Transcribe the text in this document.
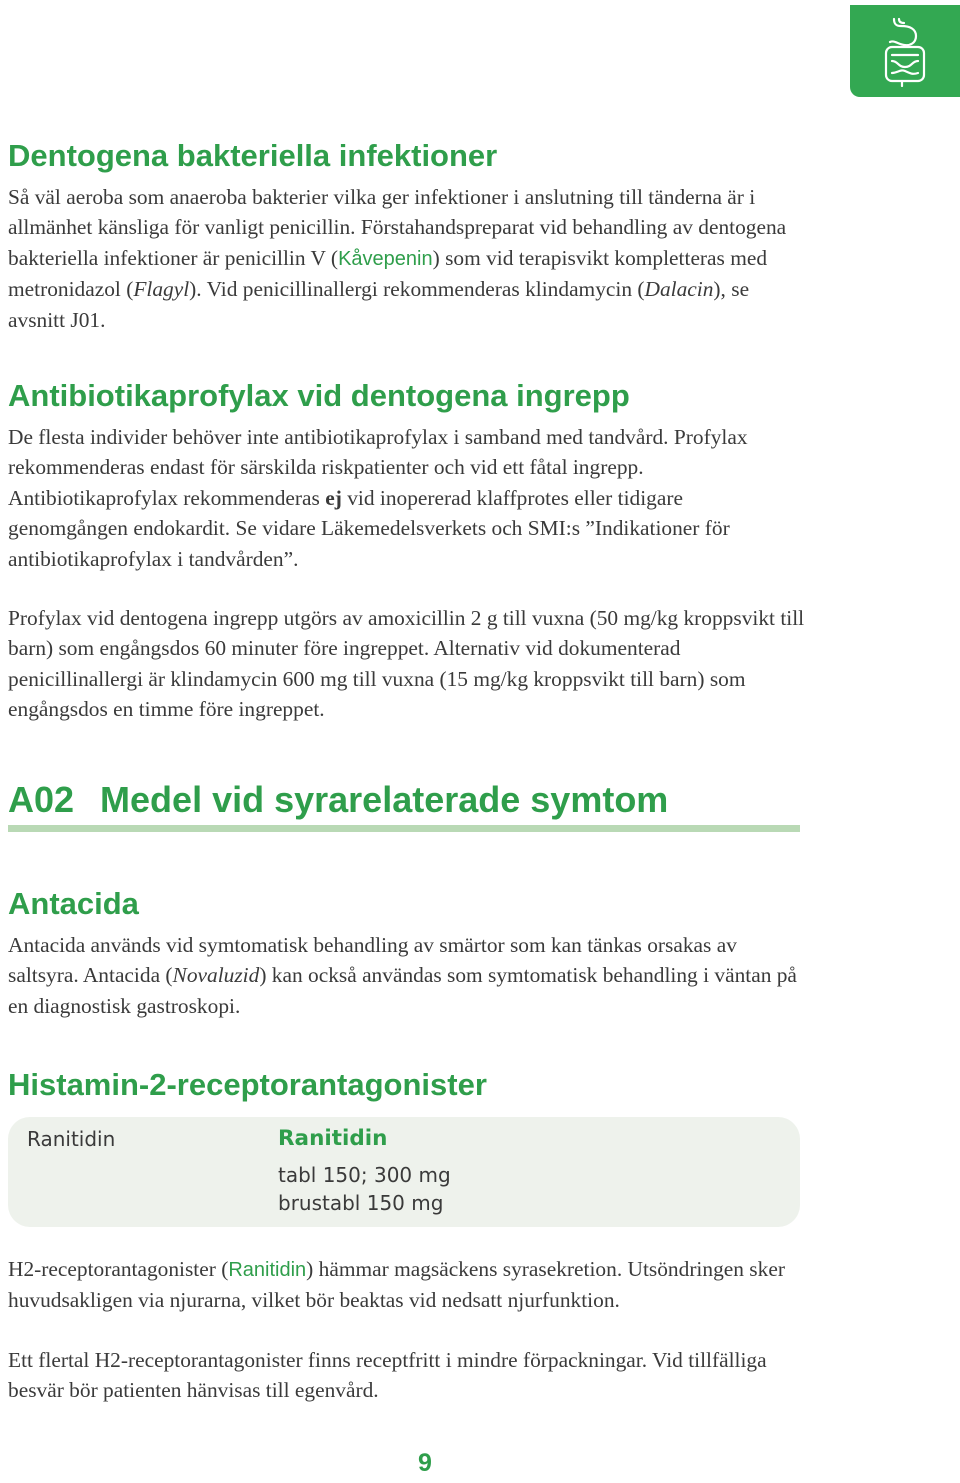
Dentogena bakteriella infektioner

Så väl aeroba som anaeroba bakterier vilka ger infektioner i anslutning till tänderna är i allmänhet känsliga för vanligt penicillin. Förstahandspreparat vid behandling av dentogena bakteriella infektioner är penicillin V (Kåvepenin) som vid terapisvikt kompletteras med metronidazol (Flagyl). Vid penicillinallergi rekommenderas klindamycin (Dalacin), se avsnitt J01.

Antibiotikaprofylax vid dentogena ingrepp

De flesta individer behöver inte antibiotikaprofylax i samband med tandvård. Profylax rekommenderas endast för särskilda riskpatienter och vid ett fåtal ingrepp. Antibiotikaprofylax rekommenderas ej vid inopererad klaffprotes eller tidigare genomgången endokardit. Se vidare Läkemedelsverkets och SMI:s ”Indikationer för antibiotikaprofylax i tandvården”.

Profylax vid dentogena ingrepp utgörs av amoxicillin 2 g till vuxna (50 mg/kg kroppsvikt till barn) som engångsdos 60 minuter före ingreppet. Alternativ vid dokumenterad penicillinallergi är klindamycin 600 mg till vuxna (15 mg/kg kroppsvikt till barn) som engångsdos en timme före ingreppet.

A02 Medel vid syrarelaterade symtom
Antacida

Antacida används vid symtomatisk behandling av smärtor som kan tänkas orsakas av saltsyra. Antacida (Novaluzid) kan också användas som symtomatisk behandling i väntan på en diagnostisk gastroskopi.

Histamin-2-receptorantagonister
Ranitidin	Ranitidin
tabl 150; 300 mg
brustabl 150 mg

H2-receptorantagonister (Ranitidin) hämmar magsäckens syrasekretion. Utsöndringen sker huvudsakligen via njurarna, vilket bör beaktas vid nedsatt njurfunktion.

Ett flertal H2-receptorantagonister finns receptfritt i mindre förpackningar. Vid tillfälliga besvär bör patienten hänvisas till egenvård.

9
